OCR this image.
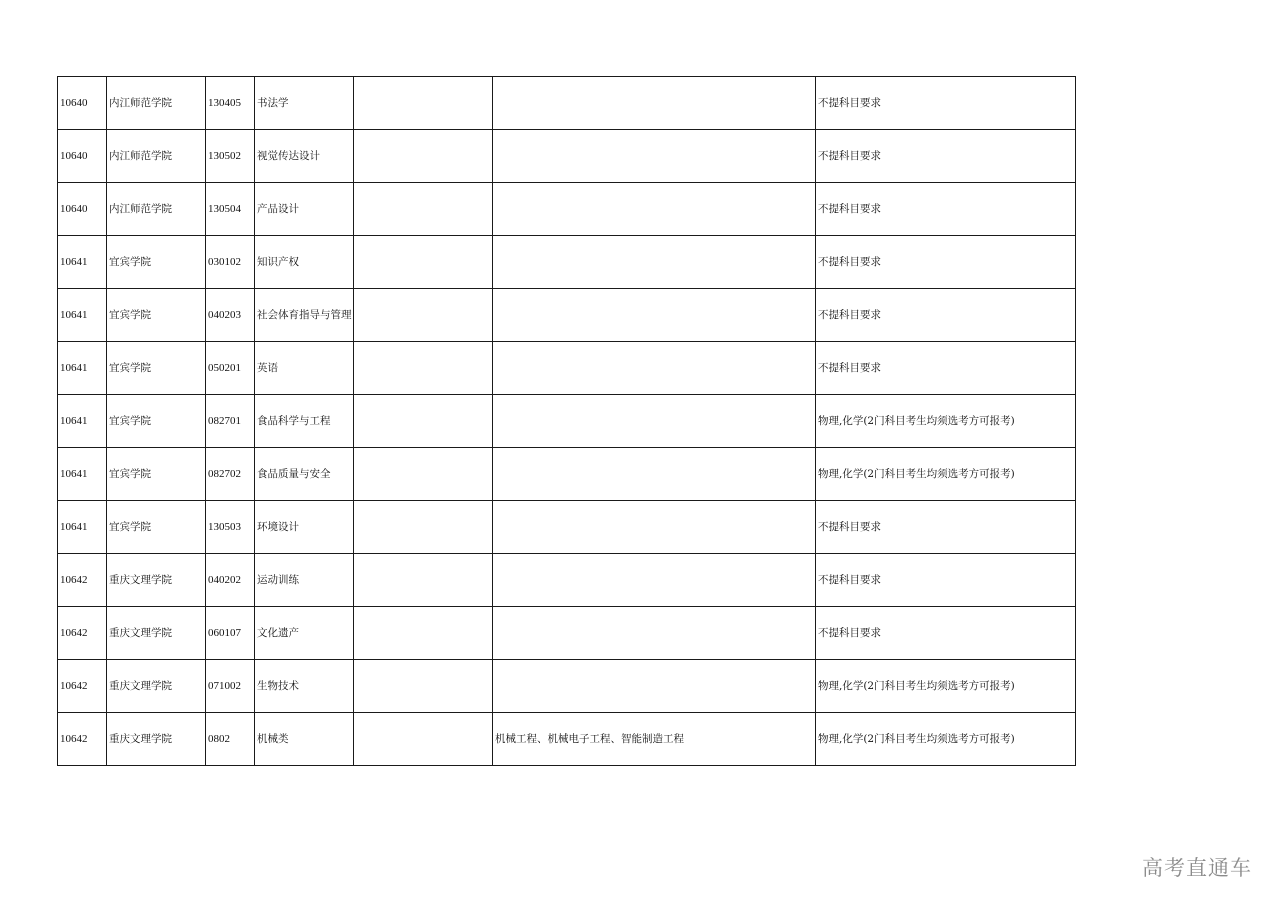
10640	内江师范学院	130405	书法学			不提科目要求
10640	内江师范学院	130502	视觉传达设计			不提科目要求
10640	内江师范学院	130504	产品设计			不提科目要求
10641	宜宾学院	030102	知识产权			不提科目要求
10641	宜宾学院	040203	社会体育指导与管理			不提科目要求
10641	宜宾学院	050201	英语			不提科目要求
10641	宜宾学院	082701	食品科学与工程			物理,化学(2门科目考生均须选考方可报考)
10641	宜宾学院	082702	食品质量与安全			物理,化学(2门科目考生均须选考方可报考)
10641	宜宾学院	130503	环境设计			不提科目要求
10642	重庆文理学院	040202	运动训练			不提科目要求
10642	重庆文理学院	060107	文化遗产			不提科目要求
10642	重庆文理学院	071002	生物技术			物理,化学(2门科目考生均须选考方可报考)
10642	重庆文理学院	0802	机械类		机械工程、机械电子工程、智能制造工程	物理,化学(2门科目考生均须选考方可报考)
高考直通车
